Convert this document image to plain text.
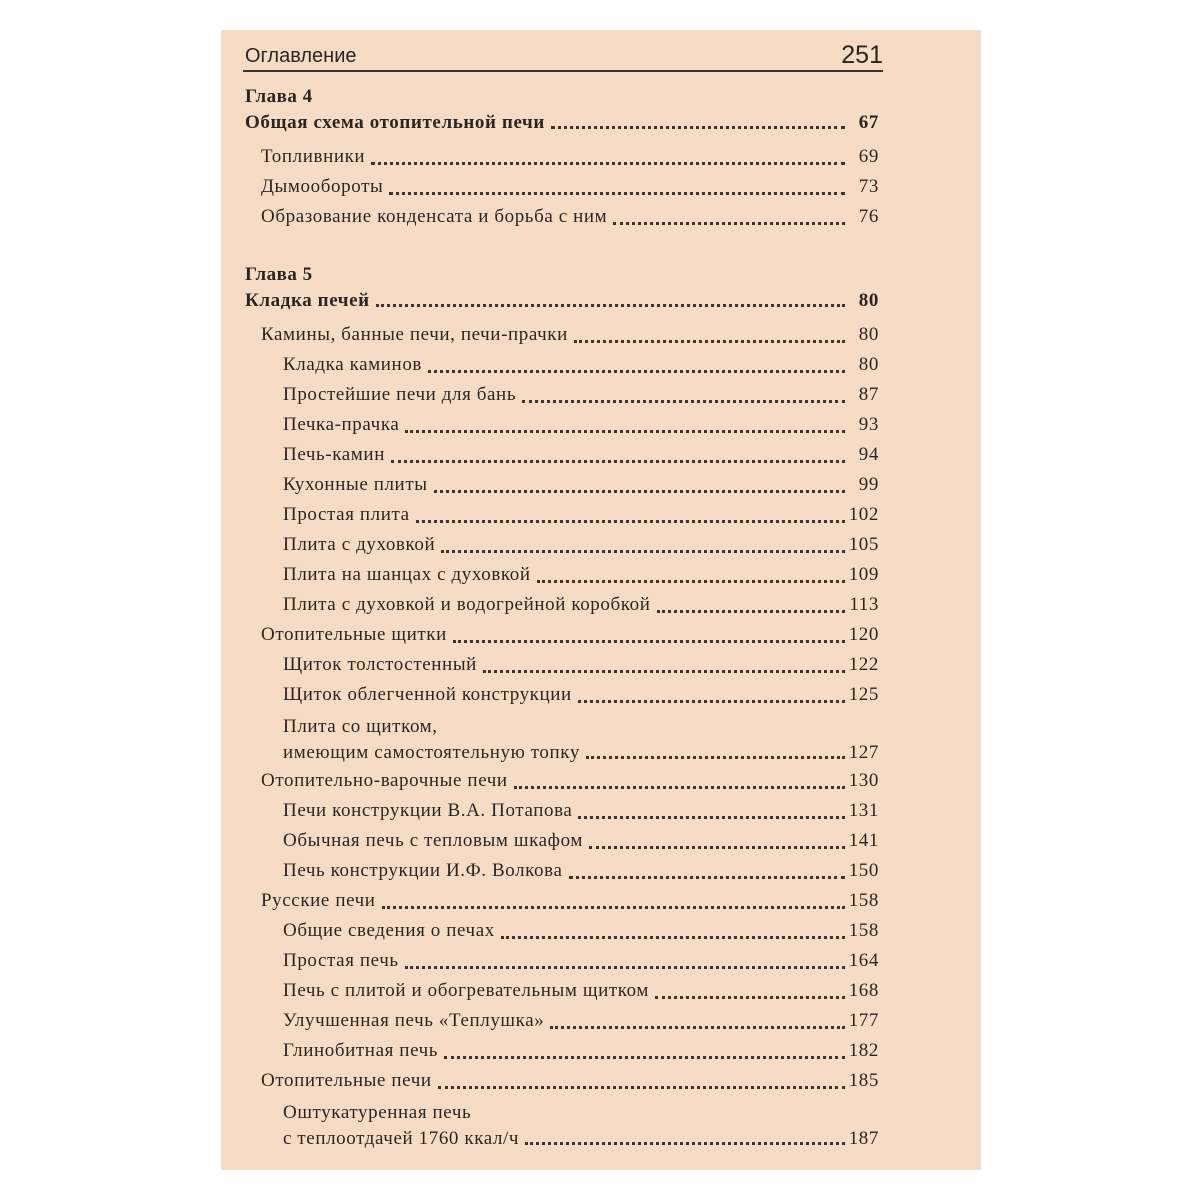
Оглавление	251
Глава 4
Общая схема отопительной печи	67
Топливники	69
Дымообороты	73
Образование конденсата и борьба с ним	76
Глава 5
Кладка печей	80
Камины, банные печи, печи-прачки	80
Кладка каминов	80
Простейшие печи для бань	87
Печка-прачка	93
Печь-камин	94
Кухонные плиты	99
Простая плита	102
Плита с духовкой	105
Плита на шанцах с духовкой	109
Плита с духовкой и водогрейной коробкой	113
Отопительные щитки	120
Щиток толстостенный	122
Щиток облегченной конструкции	125
Плита со щитком,
имеющим самостоятельную топку	127
Отопительно-варочные печи	130
Печи конструкции В.А. Потапова	131
Обычная печь с тепловым шкафом	141
Печь конструкции И.Ф. Волкова	150
Русские печи	158
Общие сведения о печах	158
Простая печь	164
Печь с плитой и обогревательным щитком	168
Улучшенная печь «Теплушка»	177
Глинобитная печь	182
Отопительные печи	185
Оштукатуренная печь
с теплоотдачей 1760 ккал/ч	187
